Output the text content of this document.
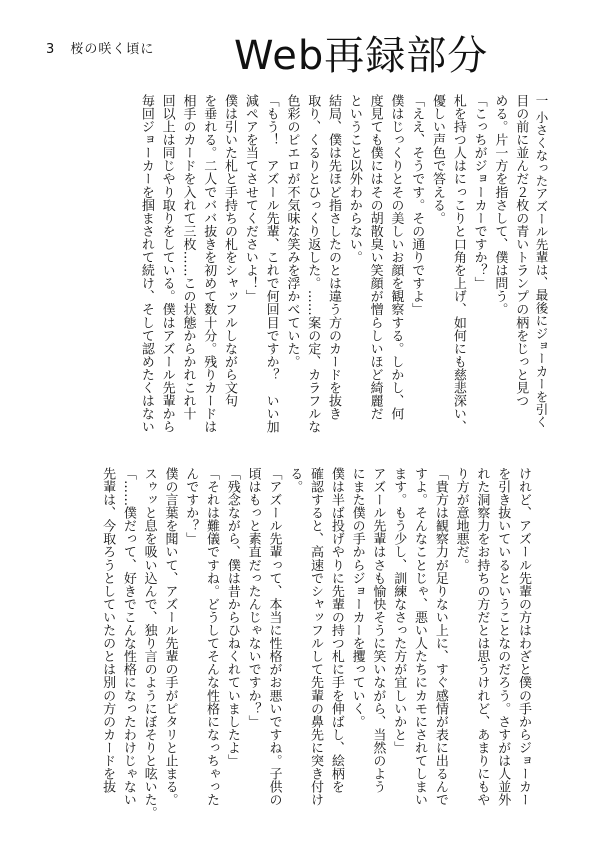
3 桜の咲く頃に Web再録部分

一 小さくなったアズール先輩は、最後にジョーカーを引く

目の前に並んだ２枚の青いトランプの柄をじっと見つ

める。片一方を指さして、僕は問う。

「こっちがジョーカーですか？」

札を持つ人はにっこりと口角を上げ、如何にも慈悲深い、

優しい声色で答える。

「ええ、そうです。その通りですよ」

僕はじっくりとその美しいお顔を観察する。しかし、何

度見ても僕にはその胡散臭い笑顔が憎らしいほど綺麗だ

ということ以外わからない。

結局、僕は先ほど指さしたのとは違う方のカードを抜き

取り、くるりとひっくり返した。……案の定、カラフルな

色彩のピエロが不気味な笑みを浮かべていた。

「もう！　アズール先輩、これで何回目ですか？　いい加

減ペアを当てさせてくださいよ！」

僕は引いた札と手持ちの札をシャッフルしながら文句

を垂れる。二人でババ抜きを初めて数十分。残りカードは

相手のカードを入れて三枚……この状態からかれこれ十

回以上は同じやり取りをしている。僕はアズール先輩から

毎回ジョーカーを掴まされて続け、そして認めたくはない

けれど、アズール先輩の方はわざと僕の手からジョーカー

を引き抜いているということなのだろう。さすがは人並外

れた洞察力をお持ちの方だとは思うけれど、あまりにもや

り方が意地悪だ。

「貴方は観察力が足りない上に、すぐ感情が表に出るんで

すよ。そんなことじゃ、悪い人たちにカモにされてしまい

ます。もう少し、訓練なさった方が宜しいかと」

アズール先輩はさも愉快そうに笑いながら、当然のよう

にまた僕の手からジョーカーを攫っていく。

僕は半ば投げやりに先輩の持つ札に手を伸ばし、絵柄を

確認すると、高速でシャッフルして先輩の鼻先に突き付け

る。

「アズール先輩って、本当に性格がお悪いですね。子供の

頃はもっと素直だったんじゃないですか？」

「残念ながら、僕は昔からひねくれていましたよ」

「それは難儀ですね。どうしてそんな性格になっちゃった

んですか？」

僕の言葉を聞いて、アズール先輩の手がピタリと止まる。

スゥッと息を吸い込んで、独り言のようにぼそりと呟いた。

「……僕だって、好きでこんな性格になったわけじゃない

先輩は、今取ろうとしていたのとは別の方のカードを抜
